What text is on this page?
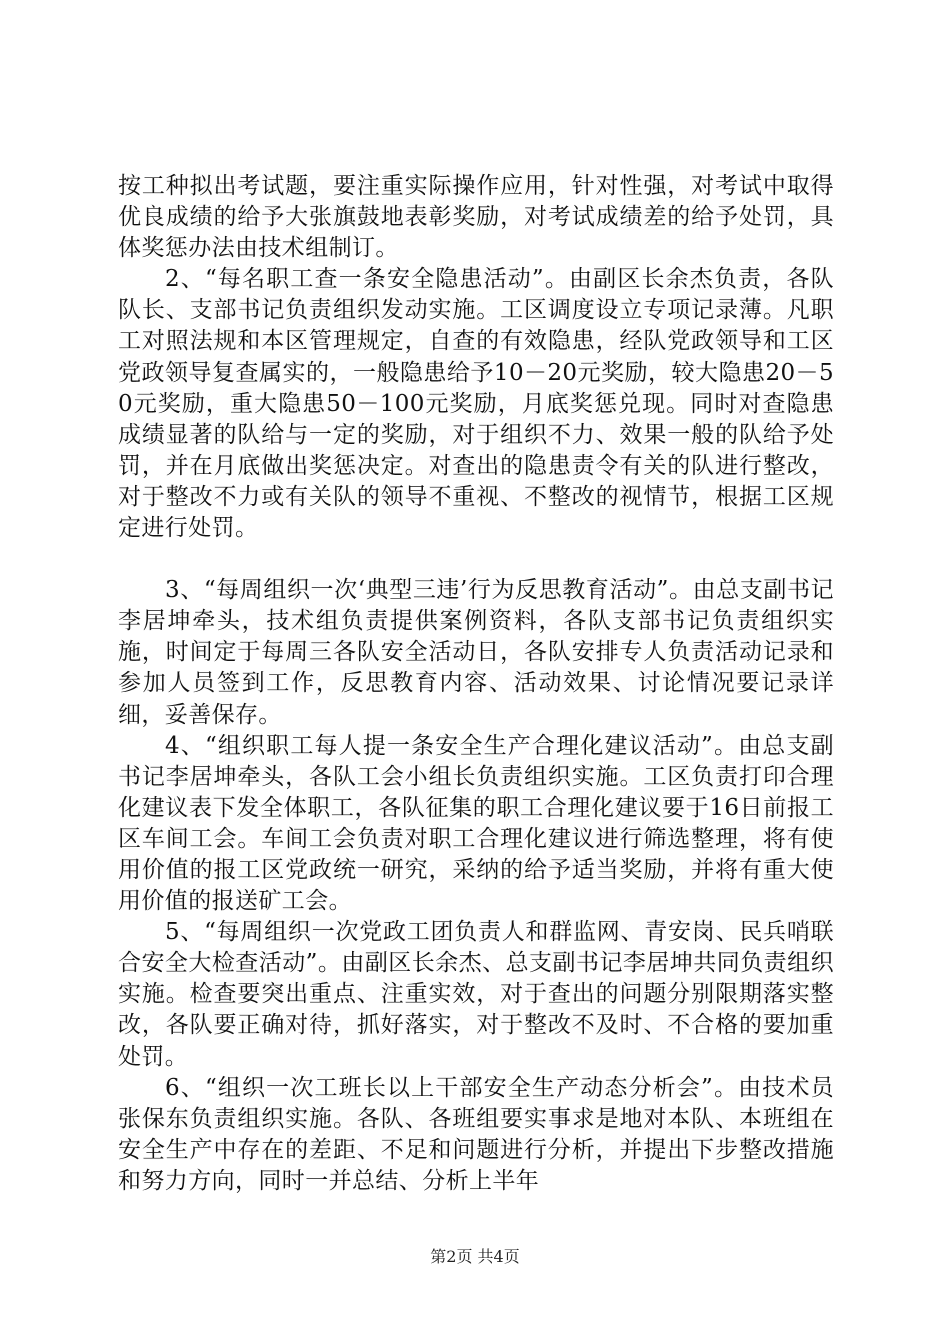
按工种拟出考试题，要注重实际操作应用，针对性强，对考试中取得优良成绩的给予大张旗鼓地表彰奖励，对考试成绩差的给予处罚，具体奖惩办法由技术组制订。

2、“每名职工查一条安全隐患活动”。由副区长余杰负责，各队队长、支部书记负责组织发动实施。工区调度设立专项记录薄。凡职工对照法规和本区管理规定，自查的有效隐患，经队党政领导和工区党政领导复查属实的，一般隐患给予10－20元奖励，较大隐患20－50元奖励，重大隐患50－100元奖励，月底奖惩兑现。同时对查隐患成绩显著的队给与一定的奖励，对于组织不力、效果一般的队给予处罚，并在月底做出奖惩决定。对查出的隐患责令有关的队进行整改，对于整改不力或有关队的领导不重视、不整改的视情节，根据工区规定进行处罚。

3、“每周组织一次‘典型三违’行为反思教育活动”。由总支副书记李居坤牵头，技术组负责提供案例资料，各队支部书记负责组织实施，时间定于每周三各队安全活动日，各队安排专人负责活动记录和参加人员签到工作，反思教育内容、活动效果、讨论情况要记录详细，妥善保存。

4、“组织职工每人提一条安全生产合理化建议活动”。由总支副书记李居坤牵头，各队工会小组长负责组织实施。工区负责打印合理化建议表下发全体职工，各队征集的职工合理化建议要于16日前报工区车间工会。车间工会负责对职工合理化建议进行筛选整理，将有使用价值的报工区党政统一研究，采纳的给予适当奖励，并将有重大使用价值的报送矿工会。

5、“每周组织一次党政工团负责人和群监网、青安岗、民兵哨联合安全大检查活动”。由副区长余杰、总支副书记李居坤共同负责组织实施。检查要突出重点、注重实效，对于查出的问题分别限期落实整改，各队要正确对待，抓好落实，对于整改不及时、不合格的要加重处罚。

6、“组织一次工班长以上干部安全生产动态分析会”。由技术员张保东负责组织实施。各队、各班组要实事求是地对本队、本班组在安全生产中存在的差距、不足和问题进行分析，并提出下步整改措施和努力方向，同时一并总结、分析上半年

第2页 共4页
